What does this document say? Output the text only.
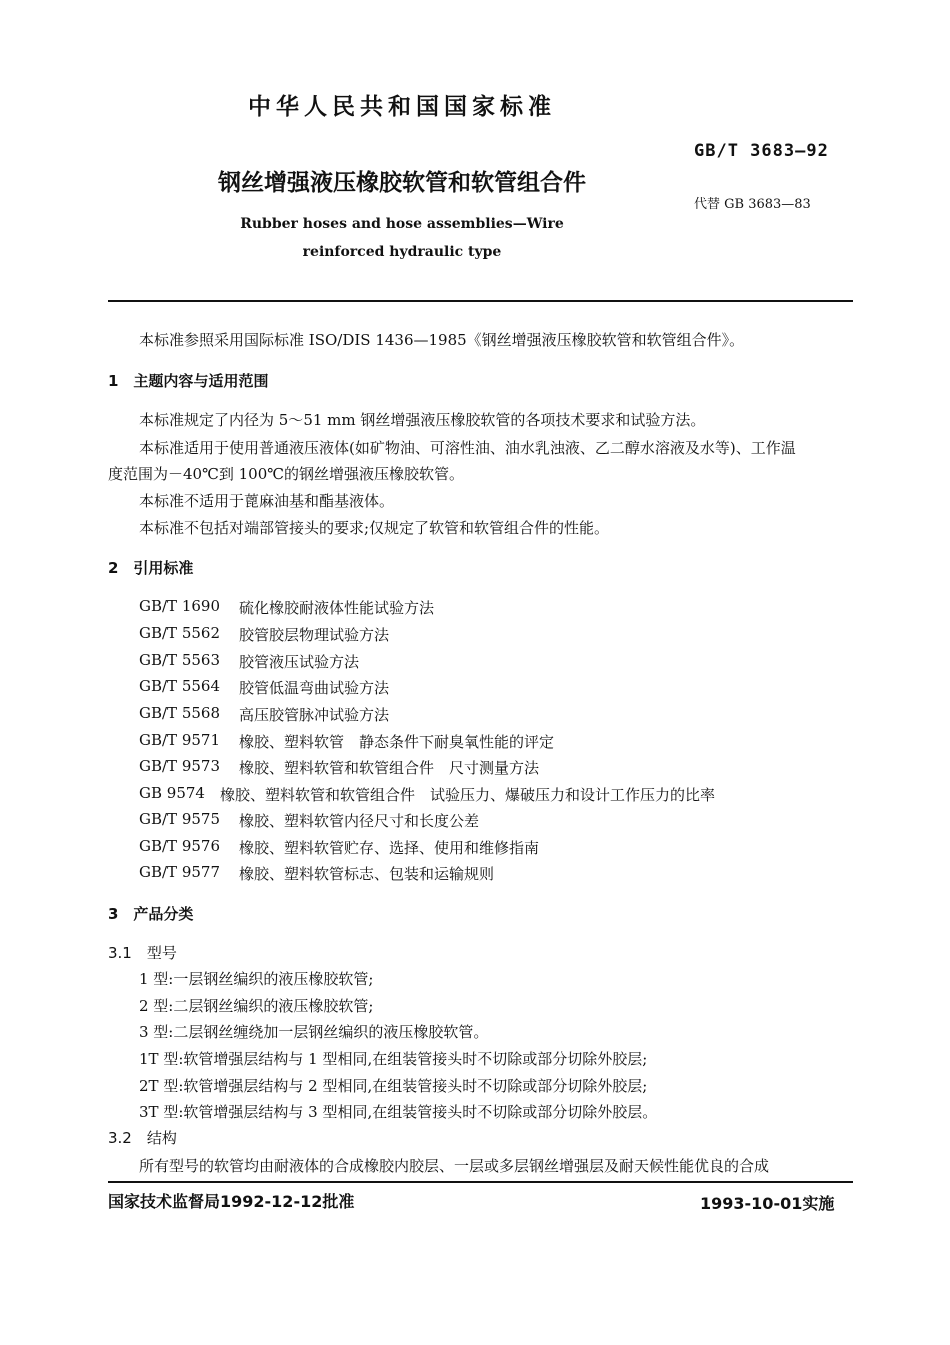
中华人民共和国国家标准
GB/T 3683—92
钢丝增强液压橡胶软管和软管组合件
代替 GB 3683—83
Rubber hoses and hose assemblies—Wire
reinforced hydraulic type
本标准参照采用国际标准 ISO/DIS 1436—1985《钢丝增强液压橡胶软管和软管组合件》。
1　主题内容与适用范围
本标准规定了内径为 5～51 mm 钢丝增强液压橡胶软管的各项技术要求和试验方法。
本标准适用于使用普通液压液体(如矿物油、可溶性油、油水乳浊液、乙二醇水溶液及水等)、工作温
度范围为－40℃到 100℃的钢丝增强液压橡胶软管。
本标准不适用于蓖麻油基和酯基液体。
本标准不包括对端部管接头的要求;仅规定了软管和软管组合件的性能。
2　引用标准
GB/T 1690 硫化橡胶耐液体性能试验方法
GB/T 5562 胶管胶层物理试验方法
GB/T 5563 胶管液压试验方法
GB/T 5564 胶管低温弯曲试验方法
GB/T 5568 高压胶管脉冲试验方法
GB/T 9571 橡胶、塑料软管　静态条件下耐臭氧性能的评定
GB/T 9573 橡胶、塑料软管和软管组合件　尺寸测量方法
GB 9574 橡胶、塑料软管和软管组合件　试验压力、爆破压力和设计工作压力的比率
GB/T 9575 橡胶、塑料软管内径尺寸和长度公差
GB/T 9576 橡胶、塑料软管贮存、选择、使用和维修指南
GB/T 9577 橡胶、塑料软管标志、包装和运输规则
3　产品分类
3.1　型号
1 型:一层钢丝编织的液压橡胶软管;
2 型:二层钢丝编织的液压橡胶软管;
3 型:二层钢丝缠绕加一层钢丝编织的液压橡胶软管。
1T 型:软管增强层结构与 1 型相同,在组装管接头时不切除或部分切除外胶层;
2T 型:软管增强层结构与 2 型相同,在组装管接头时不切除或部分切除外胶层;
3T 型:软管增强层结构与 3 型相同,在组装管接头时不切除或部分切除外胶层。
3.2　结构
所有型号的软管均由耐液体的合成橡胶内胶层、一层或多层钢丝增强层及耐天候性能优良的合成
国家技术监督局1992-12-12批准	1993-10-01实施
